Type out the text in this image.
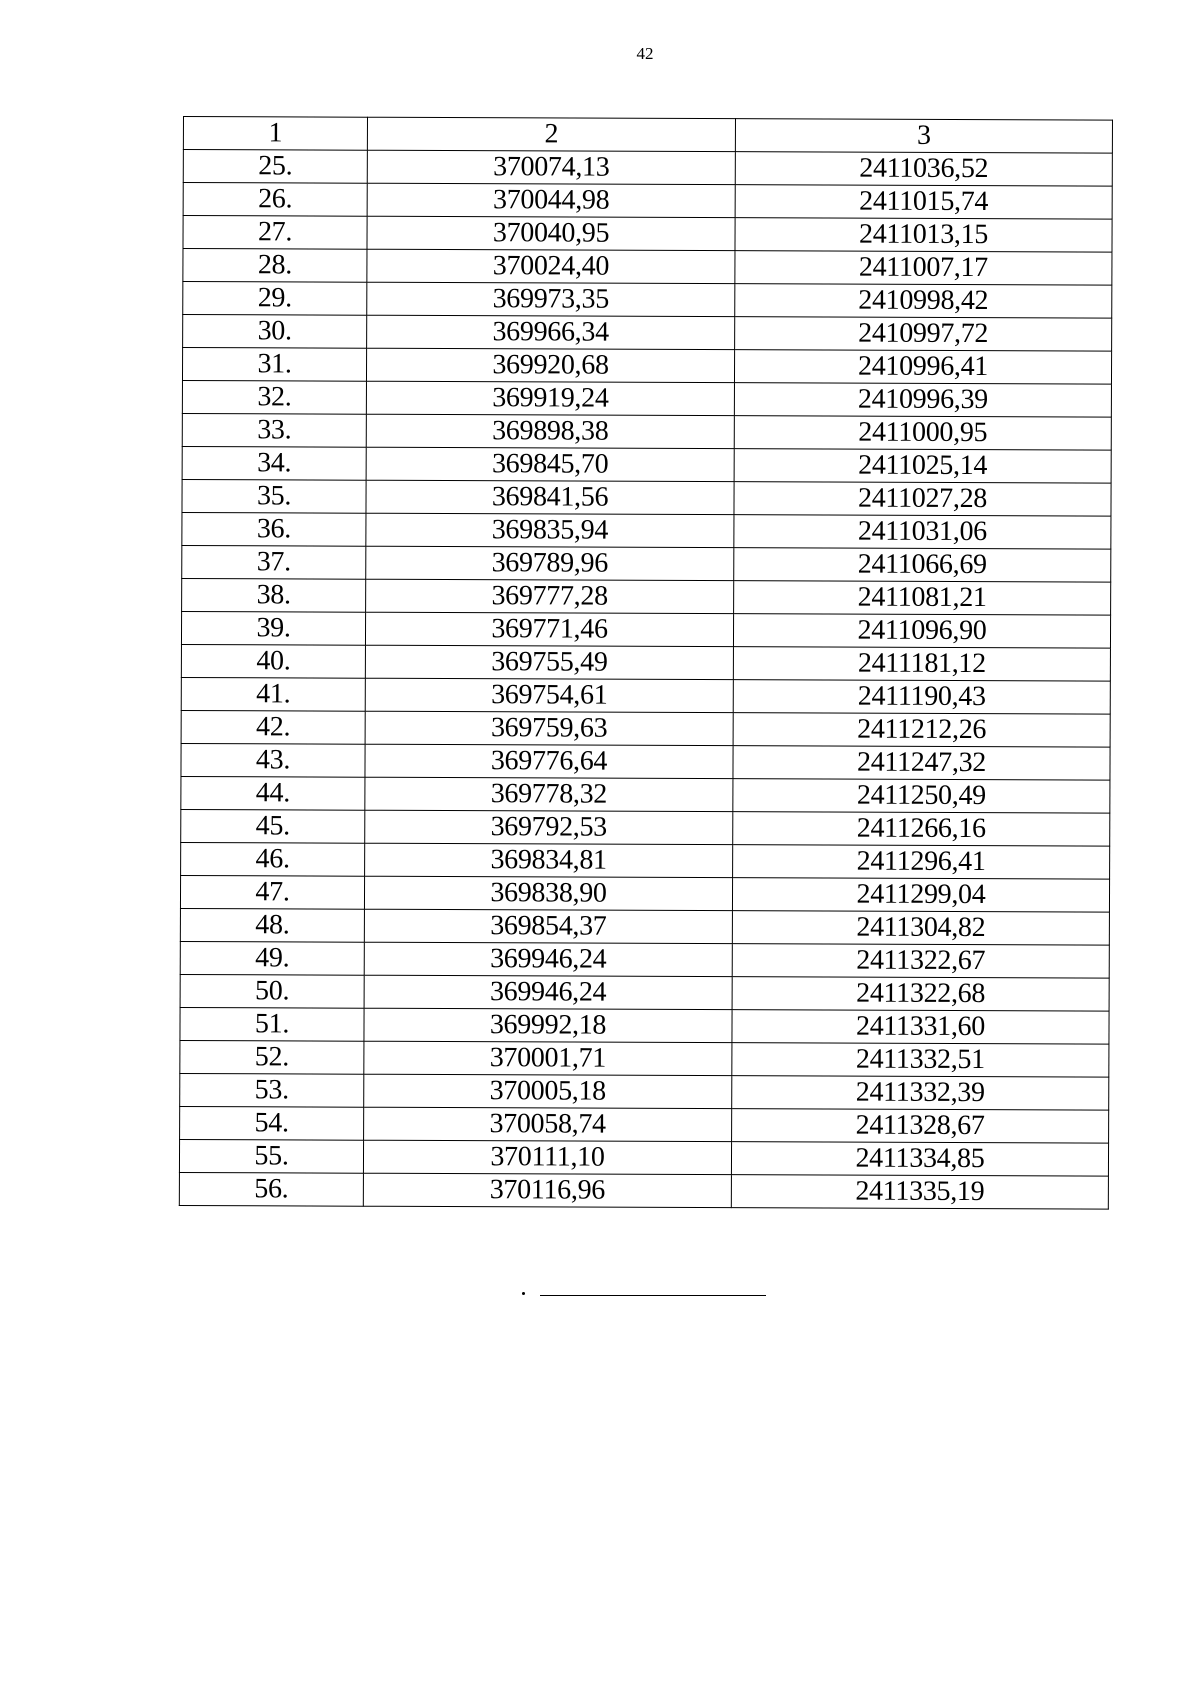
42
1	2	3
25.	370074,13	2411036,52
26.	370044,98	2411015,74
27.	370040,95	2411013,15
28.	370024,40	2411007,17
29.	369973,35	2410998,42
30.	369966,34	2410997,72
31.	369920,68	2410996,41
32.	369919,24	2410996,39
33.	369898,38	2411000,95
34.	369845,70	2411025,14
35.	369841,56	2411027,28
36.	369835,94	2411031,06
37.	369789,96	2411066,69
38.	369777,28	2411081,21
39.	369771,46	2411096,90
40.	369755,49	2411181,12
41.	369754,61	2411190,43
42.	369759,63	2411212,26
43.	369776,64	2411247,32
44.	369778,32	2411250,49
45.	369792,53	2411266,16
46.	369834,81	2411296,41
47.	369838,90	2411299,04
48.	369854,37	2411304,82
49.	369946,24	2411322,67
50.	369946,24	2411322,68
51.	369992,18	2411331,60
52.	370001,71	2411332,51
53.	370005,18	2411332,39
54.	370058,74	2411328,67
55.	370111,10	2411334,85
56.	370116,96	2411335,19
